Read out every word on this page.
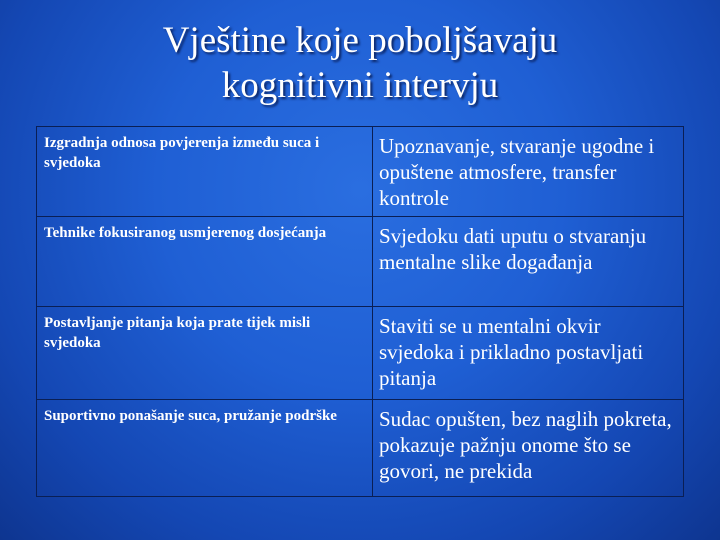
Vještine koje poboljšavaju
kognitivni intervju
Izgradnja odnosa povjerenja između suca i svjedoka	Upoznavanje, stvaranje ugodne i opuštene atmosfere, transfer kontrole
Tehnike fokusiranog usmjerenog dosjećanja	Svjedoku dati uputu o stvaranju mentalne slike događanja
Postavljanje pitanja koja prate tijek misli svjedoka	Staviti se u mentalni okvir svjedoka i prikladno postavljati pitanja
Suportivno ponašanje suca, pružanje podrške	Sudac opušten, bez naglih pokreta, pokazuje pažnju onome što se govori, ne prekida
